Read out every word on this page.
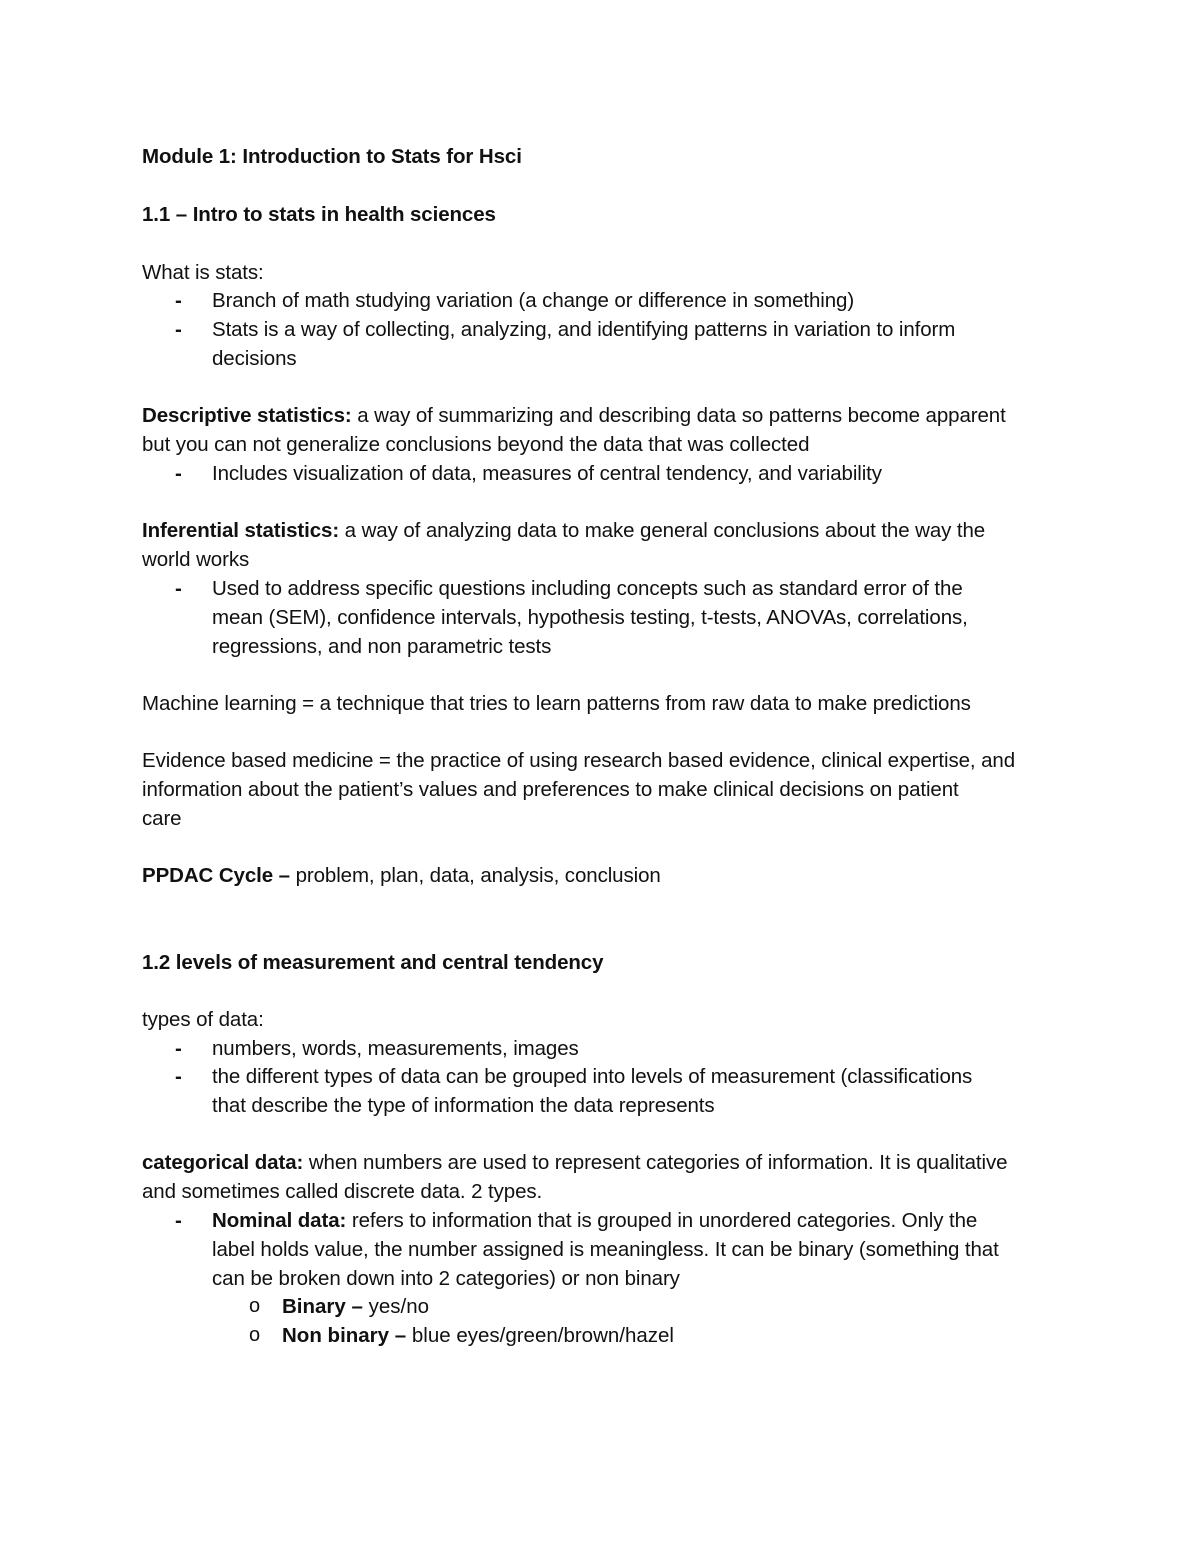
Module 1: Introduction to Stats for Hsci
1.1 – Intro to stats in health sciences
What is stats:
- Branch of math studying variation (a change or difference in something)
- Stats is a way of collecting, analyzing, and identifying patterns in variation to inform
decisions
Descriptive statistics: a way of summarizing and describing data so patterns become apparent
but you can not generalize conclusions beyond the data that was collected
- Includes visualization of data, measures of central tendency, and variability
Inferential statistics: a way of analyzing data to make general conclusions about the way the
world works
- Used to address specific questions including concepts such as standard error of the
mean (SEM), confidence intervals, hypothesis testing, t-tests, ANOVAs, correlations,
regressions, and non parametric tests
Machine learning = a technique that tries to learn patterns from raw data to make predictions
Evidence based medicine = the practice of using research based evidence, clinical expertise, and
information about the patient’s values and preferences to make clinical decisions on patient
care
PPDAC Cycle – problem, plan, data, analysis, conclusion
1.2 levels of measurement and central tendency
types of data:
- numbers, words, measurements, images
- the different types of data can be grouped into levels of measurement (classifications
that describe the type of information the data represents
categorical data: when numbers are used to represent categories of information. It is qualitative
and sometimes called discrete data. 2 types.
- Nominal data: refers to information that is grouped in unordered categories. Only the
label holds value, the number assigned is meaningless. It can be binary (something that
can be broken down into 2 categories) or non binary
o Binary – yes/no
o Non binary – blue eyes/green/brown/hazel
